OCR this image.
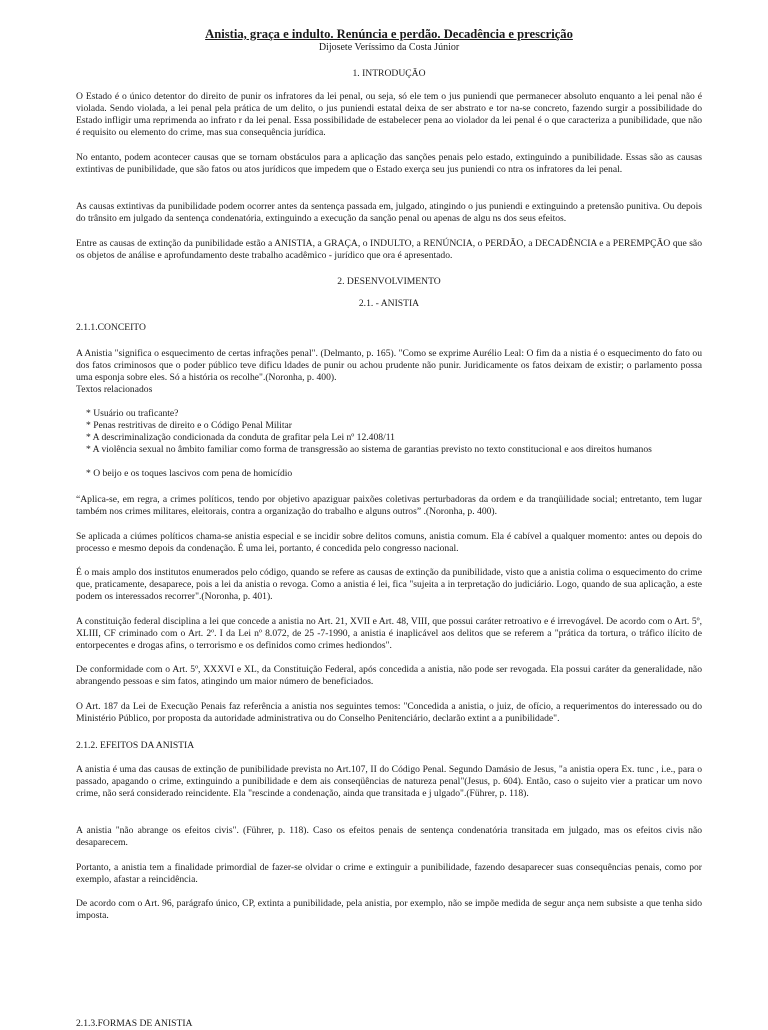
Anistia, graça e indulto. Renúncia e perdão. Decadência e prescrição
Dijosete Veríssimo da Costa Júnior
1. INTRODUÇÃO
O Estado é o único detentor do direito de punir os infratores da lei penal, ou seja, só ele tem o jus puniendi que permanecer absoluto enquanto a lei penal não é violada. Sendo violada, a lei penal pela prática de um delito, o jus puniendi estatal deixa de ser abstrato e tor na-se concreto, fazendo surgir a possibilidade do Estado infligir uma reprimenda ao infrato r da lei penal. Essa possibilidade de estabelecer pena ao violador da lei penal é o que caracteriza a punibilidade, que não é requisito ou elemento do crime, mas sua consequência jurídica.
No entanto, podem acontecer causas que se tornam obstáculos para a aplicação das sanções penais pelo estado, extinguindo a punibilidade. Essas são as causas extintivas de punibilidade, que são fatos ou atos jurídicos que impedem que o Estado exerça seu jus puniendi co ntra os infratores da lei penal.
As causas extintivas da punibilidade podem ocorrer antes da sentença passada em, julgado, atingindo o jus puniendi e extinguindo a pretensão punitiva. Ou depois do trânsito em julgado da sentença condenatória, extinguindo a execução da sanção penal ou apenas de algu ns dos seus efeitos.
Entre as causas de extinção da punibilidade estão a ANISTIA, a GRAÇA, o INDULTO, a RENÚNCIA, o PERDÃO, a DECADÊNCIA e a PEREMPÇÃO que são os objetos de análise e aprofundamento deste trabalho acadêmico - jurídico que ora é apresentado.
2. DESENVOLVIMENTO
2.1. - ANISTIA
2.1.1.CONCEITO
A Anistia "significa o esquecimento de certas infrações penal". (Delmanto, p. 165). "Como se exprime Aurélio Leal: O fim da a nistia é o esquecimento do fato ou dos fatos criminosos que o poder público teve dificu ldades de punir ou achou prudente não punir. Juridicamente os fatos deixam de existir; o parlamento possa uma esponja sobre eles. Só a história os recolhe".(Noronha, p. 400).
Textos relacionados
* Usuário ou traficante?
* Penas restritivas de direito e o Código Penal Militar
* A descriminalização condicionada da conduta de grafitar pela Lei nº 12.408/11
* A violência sexual no âmbito familiar como forma de transgressão ao sistema de garantias previsto no texto constitucional e aos direitos humanos
* O beijo e os toques lascivos com pena de homicídio
“Aplica-se, em regra, a crimes políticos, tendo por objetivo apaziguar paixões coletivas perturbadoras da ordem e da tranqüilidade social; entretanto, tem lugar também nos crimes militares, eleitorais, contra a organização do trabalho e alguns outros” .(Noronha, p. 400).
Se aplicada a ciúmes políticos chama-se anistia especial e se incidir sobre delitos comuns, anistia comum. Ela é cabível a qualquer momento: antes ou depois do processo e mesmo depois da condenação. É uma lei, portanto, é concedida pelo congresso nacional.
É o mais amplo dos institutos enumerados pelo código, quando se refere as causas de extinção da punibilidade, visto que a anistia colima o esquecimento do crime que, praticamente, desaparece, pois a lei da anistia o revoga. Como a anistia é lei, fica "sujeita a in terpretação do judiciário. Logo, quando de sua aplicação, a este podem os interessados recorrer".(Noronha, p. 401).
A constituição federal disciplina a lei que concede a anistia no Art. 21, XVII e Art. 48, VIII, que possui caráter retroativo e é irrevogável. De acordo com o Art. 5º, XLIII, CF criminado com o Art. 2º. I da Lei nº 8.072, de 25 -7-1990, a anistia é inaplicável aos delitos que se referem a "prática da tortura, o tráfico ilícito de entorpecentes e drogas afins, o terrorismo e os definidos como crimes hediondos".
De conformidade com o Art. 5º, XXXVI e XL, da Constituição Federal, após concedida a anistia, não pode ser revogada. Ela possui caráter da generalidade, não abrangendo pessoas e sim fatos, atingindo um maior número de beneficiados.
O Art. 187 da Lei de Execução Penais faz referência a anistia nos seguintes temos: "Concedida a anistia, o juiz, de ofício, a requerimentos do interessado ou do Ministério Público, por proposta da autoridade administrativa ou do Conselho Penitenciário, declarão extint a a punibilidade".
2.1.2. EFEITOS DA ANISTIA
A anistia é uma das causas de extinção de punibilidade prevista no Art.107, II do Código Penal. Segundo Damásio de Jesus, "a anistia opera Ex. tunc , i.e., para o passado, apagando o crime, extinguindo a punibilidade e dem ais conseqüências de natureza penal"(Jesus, p. 604). Então, caso o sujeito vier a praticar um novo crime, não será considerado reincidente. Ela "rescinde a condenação, ainda que transitada e j ulgado".(Führer, p. 118).
A anistia "não abrange os efeitos civis". (Führer, p. 118). Caso os efeitos penais de sentença condenatória transitada em julgado, mas os efeitos civis não desaparecem.
Portanto, a anistia tem a finalidade primordial de fazer-se olvidar o crime e extinguir a punibilidade, fazendo desaparecer suas consequências penais, como por exemplo, afastar a reincidência.
De acordo com o Art. 96, parágrafo único, CP, extinta a punibilidade, pela anistia, por exemplo, não se impõe medida de segur ança nem subsiste a que tenha sido imposta.
2.1.3.FORMAS DE ANISTIA
